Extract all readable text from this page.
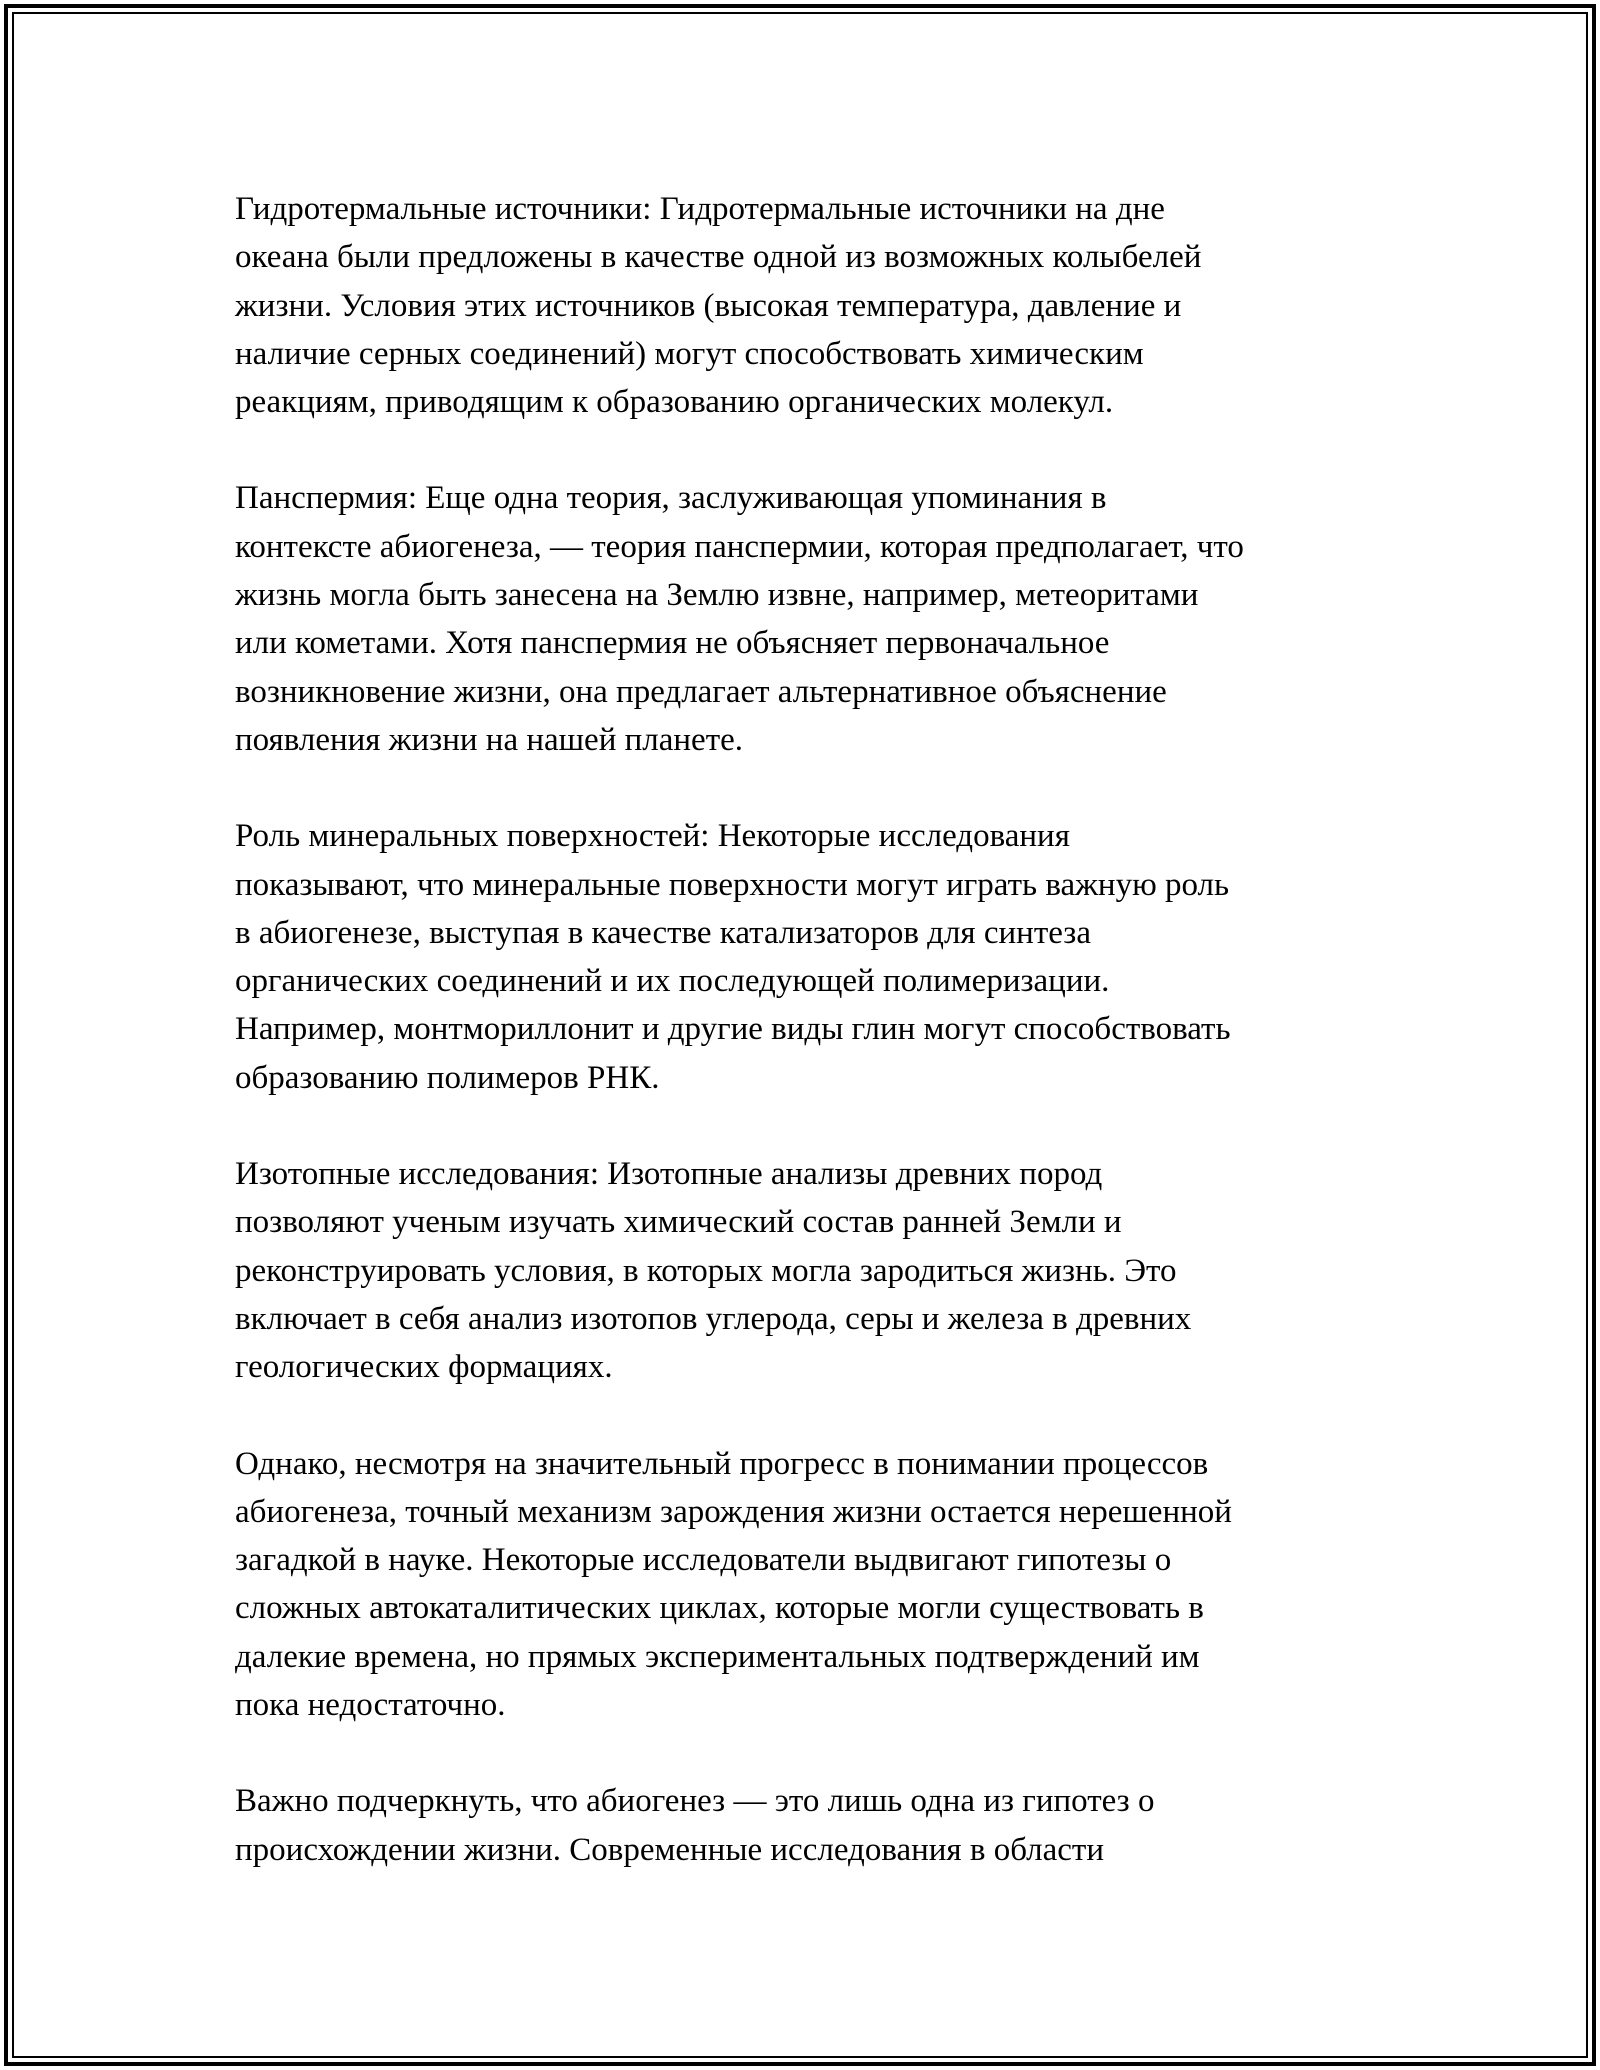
Гидротермальные источники: Гидротермальные источники на дне
океана были предложены в качестве одной из возможных колыбелей
жизни. Условия этих источников (высокая температура, давление и
наличие серных соединений) могут способствовать химическим
реакциям, приводящим к образованию органических молекул.

Панспермия: Еще одна теория, заслуживающая упоминания в
контексте абиогенеза, — теория панспермии, которая предполагает, что
жизнь могла быть занесена на Землю извне, например, метеоритами
или кометами. Хотя панспермия не объясняет первоначальное
возникновение жизни, она предлагает альтернативное объяснение
появления жизни на нашей планете.

Роль минеральных поверхностей: Некоторые исследования
показывают, что минеральные поверхности могут играть важную роль
в абиогенезе, выступая в качестве катализаторов для синтеза
органических соединений и их последующей полимеризации.
Например, монтмориллонит и другие виды глин могут способствовать
образованию полимеров РНК.

Изотопные исследования: Изотопные анализы древних пород
позволяют ученым изучать химический состав ранней Земли и
реконструировать условия, в которых могла зародиться жизнь. Это
включает в себя анализ изотопов углерода, серы и железа в древних
геологических формациях.

Однако, несмотря на значительный прогресс в понимании процессов
абиогенеза, точный механизм зарождения жизни остается нерешенной
загадкой в науке. Некоторые исследователи выдвигают гипотезы о
сложных автокаталитических циклах, которые могли существовать в
далекие времена, но прямых экспериментальных подтверждений им
пока недостаточно.

Важно подчеркнуть, что абиогенез — это лишь одна из гипотез о
происхождении жизни. Современные исследования в области
